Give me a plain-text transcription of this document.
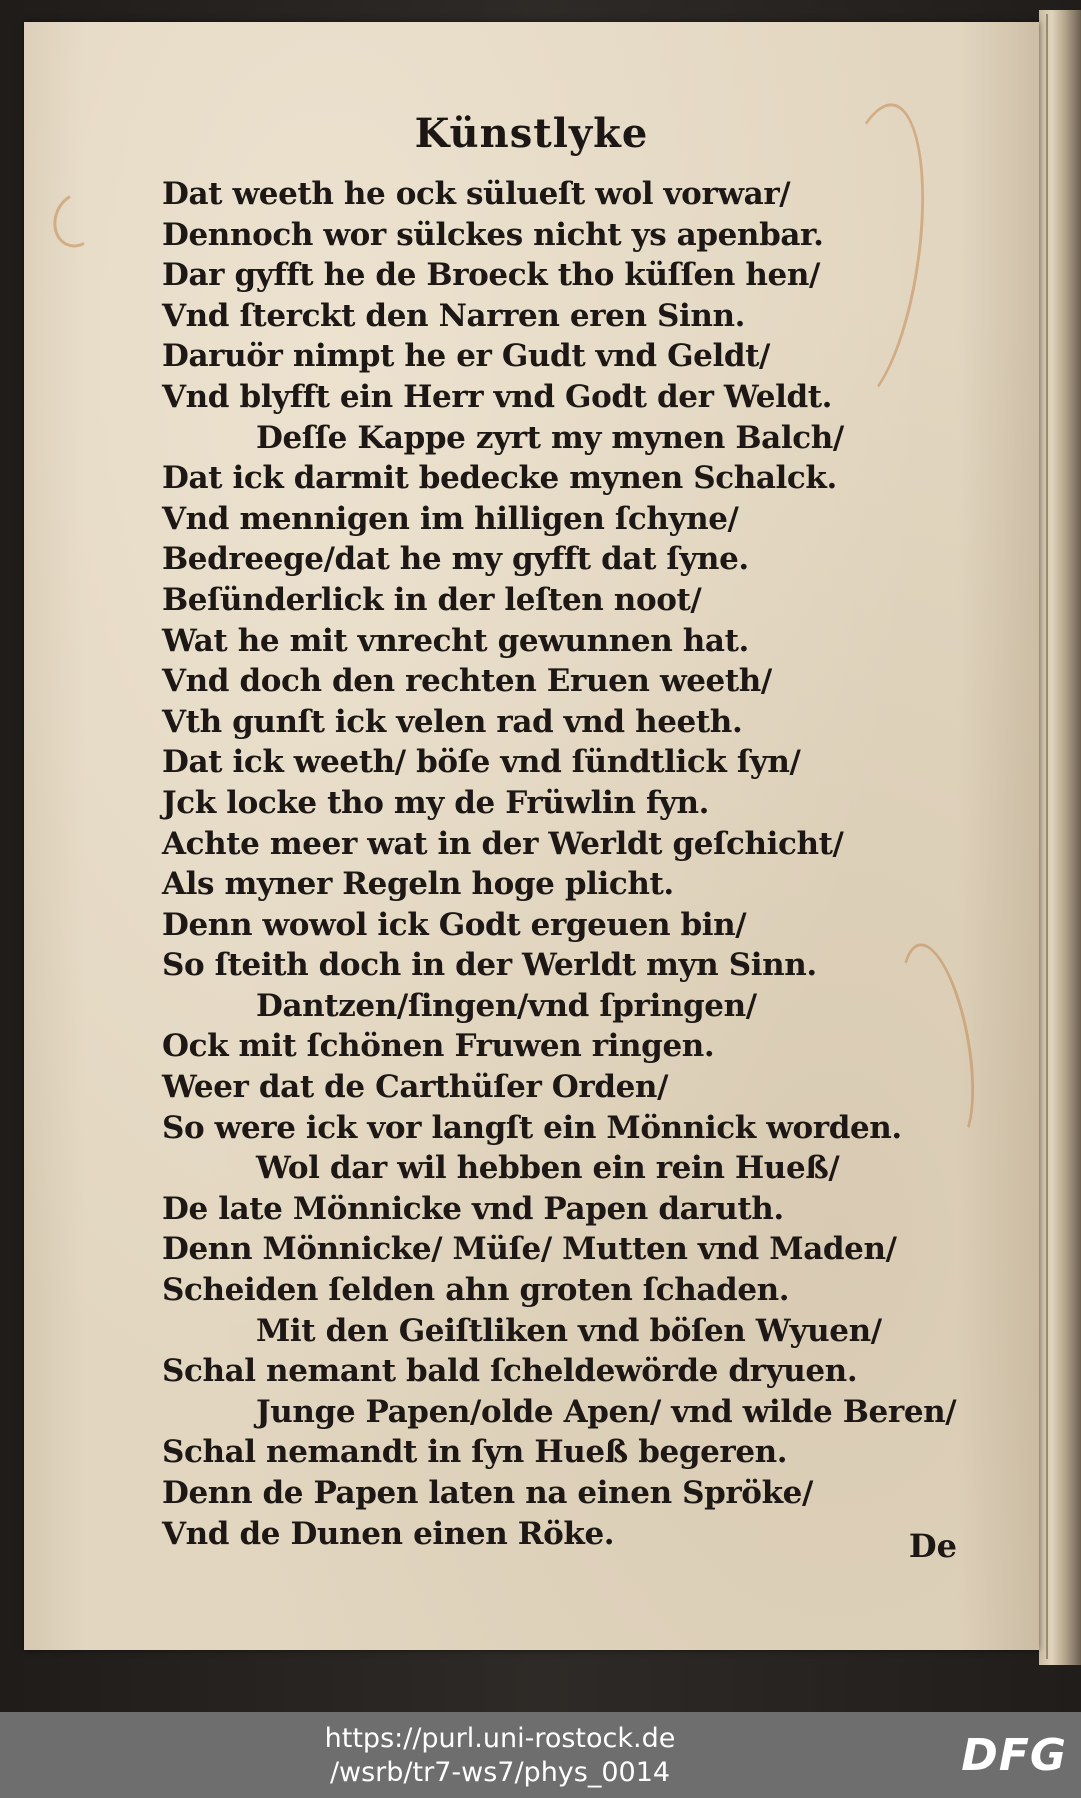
Künstlyke
Dat weeth he ock sülueſt wol vorwar/
Dennoch wor sülckes nicht ys apenbar.
Dar gyfft he de Broeck tho küſſen hen/
Vnd ſterckt den Narren eren Sinn.
Daruör nimpt he er Gudt vnd Geldt/
Vnd blyfft ein Herr vnd Godt der Weldt.
Deſſe Kappe zyrt my mynen Balch/
Dat ick darmit bedecke mynen Schalck.
Vnd mennigen im hilligen ſchyne/
Bedreege/dat he my gyfft dat ſyne.
Beſünderlick in der leſten noot/
Wat he mit vnrecht gewunnen hat.
Vnd doch den rechten Eruen weeth/
Vth gunſt ick velen rad vnd heeth.
Dat ick weeth/ böſe vnd ſündtlick ſyn/
Jck locke tho my de Früwlin fyn.
Achte meer wat in der Werldt geſchicht/
Als myner Regeln hoge plicht.
Denn wowol ick Godt ergeuen bin/
So ſteith doch in der Werldt myn Sinn.
Dantzen/ſingen/vnd ſpringen/
Ock mit ſchönen Fruwen ringen.
Weer dat de Carthüſer Orden/
So were ick vor langſt ein Mönnick worden.
Wol dar wil hebben ein rein Hueß/
De late Mönnicke vnd Papen daruth.
Denn Mönnicke/ Müſe/ Mutten vnd Maden/
Scheiden ſelden ahn groten ſchaden.
Mit den Geiſtliken vnd böſen Wyuen/
Schal nemant bald ſcheldewörde dryuen.
Junge Papen/olde Apen/ vnd wilde Beren/
Schal nemandt in ſyn Hueß begeren.
Denn de Papen laten na einen Spröke/
Vnd de Dunen einen Röke.	De
https://purl.uni-rostock.de
/wsrb/tr7-ws7/phys_0014	DFG
